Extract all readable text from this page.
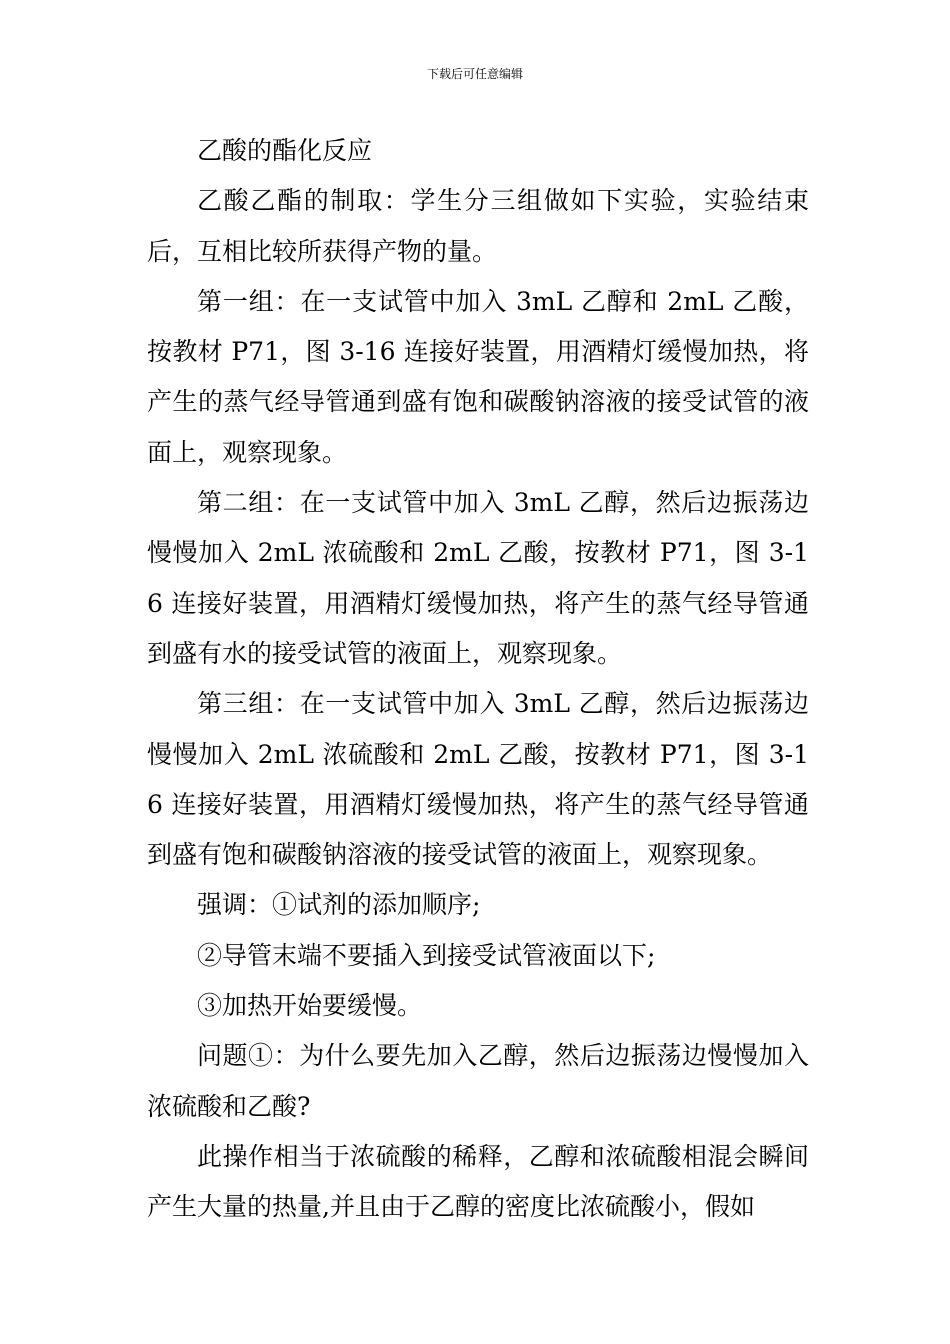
下载后可任意编辑

乙酸的酯化反应

乙酸乙酯的制取：学生分三组做如下实验，实验结束后，互相比较所获得产物的量。

第一组：在一支试管中加入 3mL 乙醇和 2mL 乙酸，按教材 P71，图 3-16 连接好装置，用酒精灯缓慢加热，将产生的蒸气经导管通到盛有饱和碳酸钠溶液的接受试管的液面上，观察现象。

第二组：在一支试管中加入 3mL 乙醇，然后边振荡边慢慢加入 2mL 浓硫酸和 2mL 乙酸，按教材 P71，图 3-16 连接好装置，用酒精灯缓慢加热，将产生的蒸气经导管通到盛有水的接受试管的液面上，观察现象。

第三组：在一支试管中加入 3mL 乙醇，然后边振荡边慢慢加入 2mL 浓硫酸和 2mL 乙酸，按教材 P71，图 3-16 连接好装置，用酒精灯缓慢加热，将产生的蒸气经导管通到盛有饱和碳酸钠溶液的接受试管的液面上，观察现象。

强调：①试剂的添加顺序;

②导管末端不要插入到接受试管液面以下;

③加热开始要缓慢。

问题①：为什么要先加入乙醇，然后边振荡边慢慢加入浓硫酸和乙酸?

此操作相当于浓硫酸的稀释，乙醇和浓硫酸相混会瞬间产生大量的热量,并且由于乙醇的密度比浓硫酸小，假如
